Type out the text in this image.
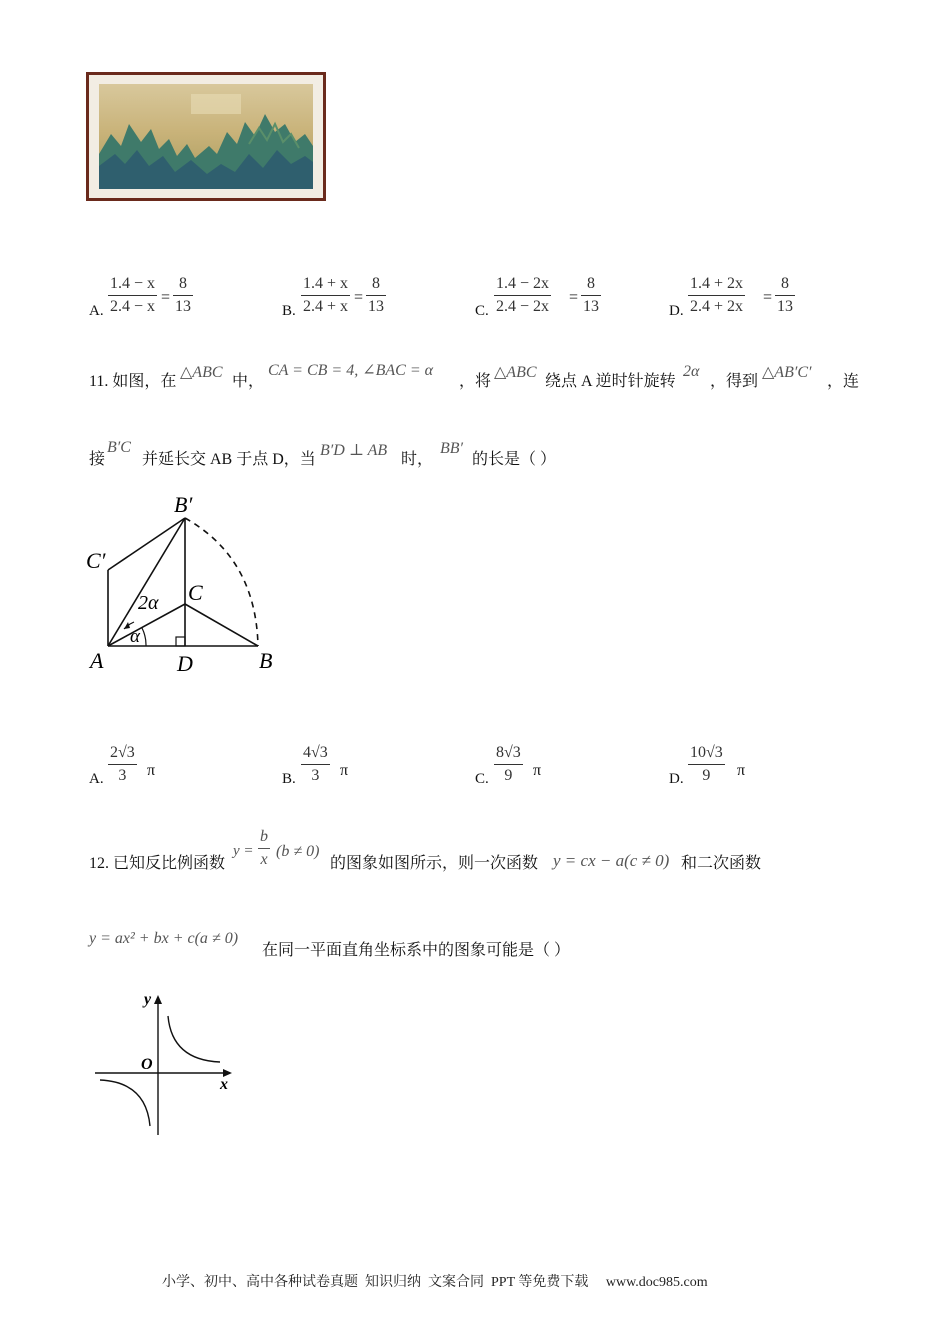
A. $\frac{1.4 - x}{2.4 - x} = \frac{8}{13}$	B. $\frac{1.4 + x}{2.4 + x} = \frac{8}{13}$	C. $\frac{1.4 - 2x}{2.4 - 2x} = \frac{8}{13}$	D. $\frac{1.4 + 2x}{2.4 + 2x} = \frac{8}{13}$
11. 如图，在
△ABC
中，
CA = CB = 4, ∠BAC = α
，将
△ABC
绕点 A 逆时针旋转
2α
，得到
△AB′C′
，连
接
B′C
并延长交 AB 于点 D，当
B′D ⊥ AB
时，
BB′
的长是（ ）
B′
C′
C
2α
α
A	D	B
A. $\frac{2√3}{3}$ π	B. $\frac{4√3}{3}$ π	C. $\frac{8√3}{9}$ π	D. $\frac{10√3}{9}$ π
12. 已知反比例函数
$y = \frac{b}{x} (b \ne 0)$
的图象如图所示，则一次函数 y = cx − a(c ≠ 0) 和二次函数
y = ax² + bx + c(a ≠ 0)
在同一平面直角坐标系中的图象可能是（ ）
y
O
x
小学、初中、高中各种试卷真题  知识归纳  文案合同  PPT 等免费下载     www.doc985.com
